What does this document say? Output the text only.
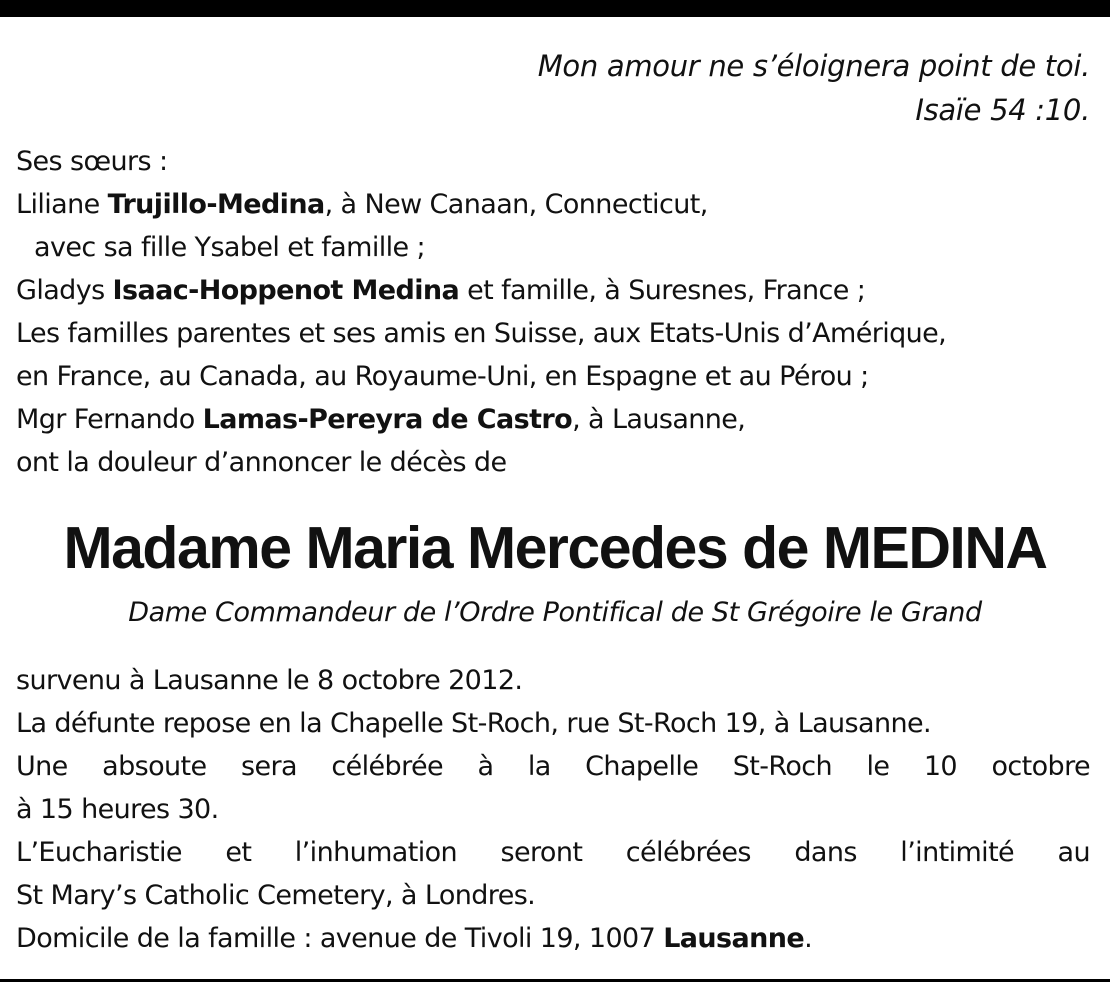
Mon amour ne s’éloignera point de toi.
Isaïe 54 :10.
Ses sœurs :
Liliane Trujillo-Medina, à New Canaan, Connecticut,
avec sa fille Ysabel et famille ;
Gladys Isaac-Hoppenot Medina et famille, à Suresnes, France ;
Les familles parentes et ses amis en Suisse, aux Etats-Unis d’Amérique,
en France, au Canada, au Royaume-Uni, en Espagne et au Pérou ;
Mgr Fernando Lamas-Pereyra de Castro, à Lausanne,
ont la douleur d’annoncer le décès de
Madame Maria Mercedes de MEDINA
Dame Commandeur de l’Ordre Pontifical de St Grégoire le Grand
survenu à Lausanne le 8 octobre 2012.
La défunte repose en la Chapelle St-Roch, rue St-Roch 19, à Lausanne.
Une absoute sera célébrée à la Chapelle St-Roch le 10 octobre
à 15 heures 30.
L’Eucharistie et l’inhumation seront célébrées dans l’intimité au
St Mary’s Catholic Cemetery, à Londres.
Domicile de la famille : avenue de Tivoli 19, 1007 Lausanne.
